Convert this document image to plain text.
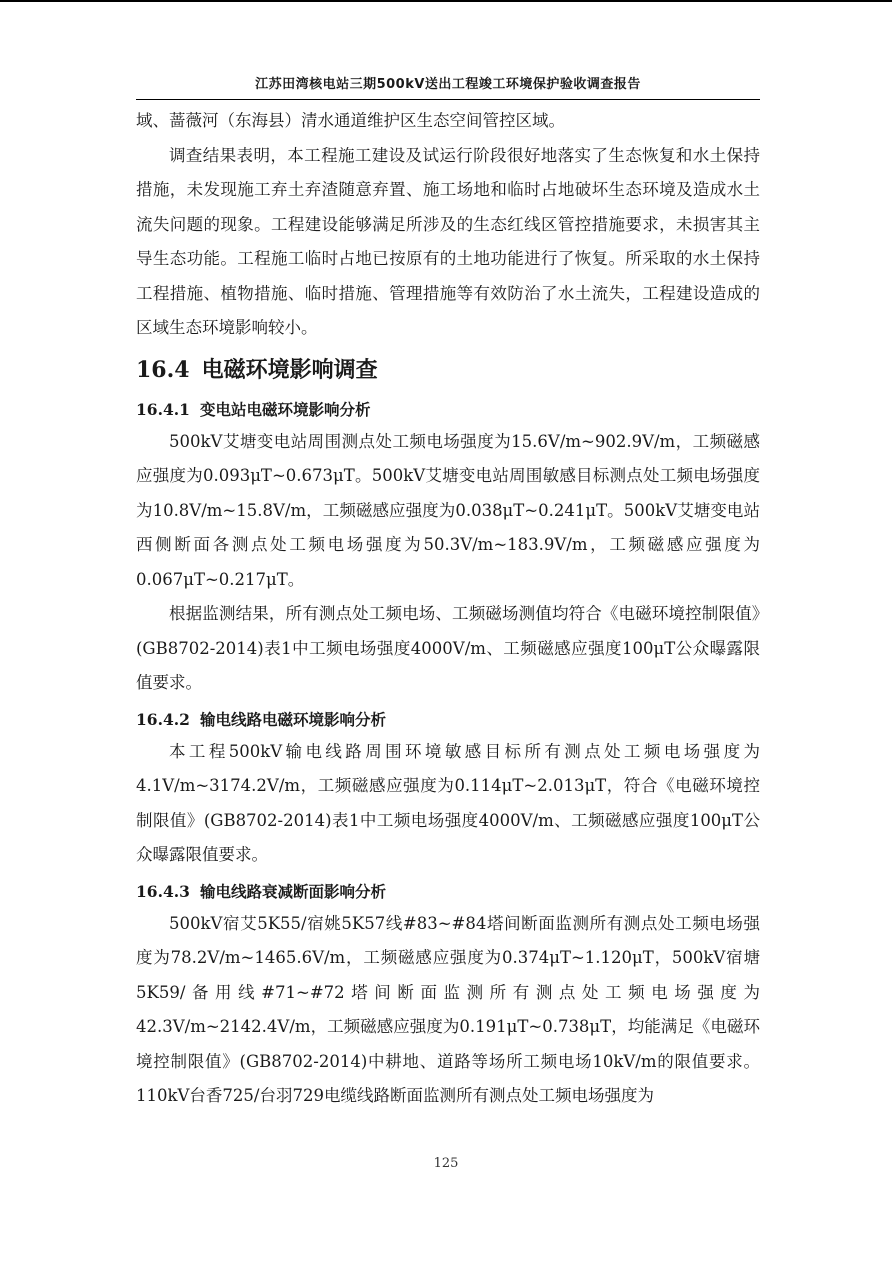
江苏田湾核电站三期500kV送出工程竣工环境保护验收调查报告

域、蔷薇河（东海县）清水通道维护区生态空间管控区域。

调查结果表明，本工程施工建设及试运行阶段很好地落实了生态恢复和水土保持措施，未发现施工弃土弃渣随意弃置、施工场地和临时占地破坏生态环境及造成水土流失问题的现象。工程建设能够满足所涉及的生态红线区管控措施要求，未损害其主导生态功能。工程施工临时占地已按原有的土地功能进行了恢复。所采取的水土保持工程措施、植物措施、临时措施、管理措施等有效防治了水土流失，工程建设造成的区域生态环境影响较小。

16.4 电磁环境影响调查
16.4.1 变电站电磁环境影响分析

500kV艾塘变电站周围测点处工频电场强度为15.6V/m~902.9V/m，工频磁感应强度为0.093μT~0.673μT。500kV艾塘变电站周围敏感目标测点处工频电场强度为10.8V/m~15.8V/m，工频磁感应强度为0.038μT~0.241μT。500kV艾塘变电站西侧断面各测点处工频电场强度为50.3V/m~183.9V/m，工频磁感应强度为0.067μT~0.217μT。

根据监测结果，所有测点处工频电场、工频磁场测值均符合《电磁环境控制限值》(GB8702-2014)表1中工频电场强度4000V/m、工频磁感应强度100μT公众曝露限值要求。

16.4.2 输电线路电磁环境影响分析

本工程500kV输电线路周围环境敏感目标所有测点处工频电场强度为4.1V/m~3174.2V/m，工频磁感应强度为0.114μT~2.013μT，符合《电磁环境控制限值》(GB8702-2014)表1中工频电场强度4000V/m、工频磁感应强度100μT公众曝露限值要求。

16.4.3 输电线路衰减断面影响分析

500kV宿艾5K55/宿姚5K57线#83~#84塔间断面监测所有测点处工频电场强度为78.2V/m~1465.6V/m，工频磁感应强度为0.374μT~1.120μT，500kV宿塘5K59/备用线#71~#72塔间断面监测所有测点处工频电场强度为42.3V/m~2142.4V/m，工频磁感应强度为0.191μT~0.738μT，均能满足《电磁环境控制限值》(GB8702-2014)中耕地、道路等场所工频电场10kV/m的限值要求。110kV台香725/台羽729电缆线路断面监测所有测点处工频电场强度为

125
